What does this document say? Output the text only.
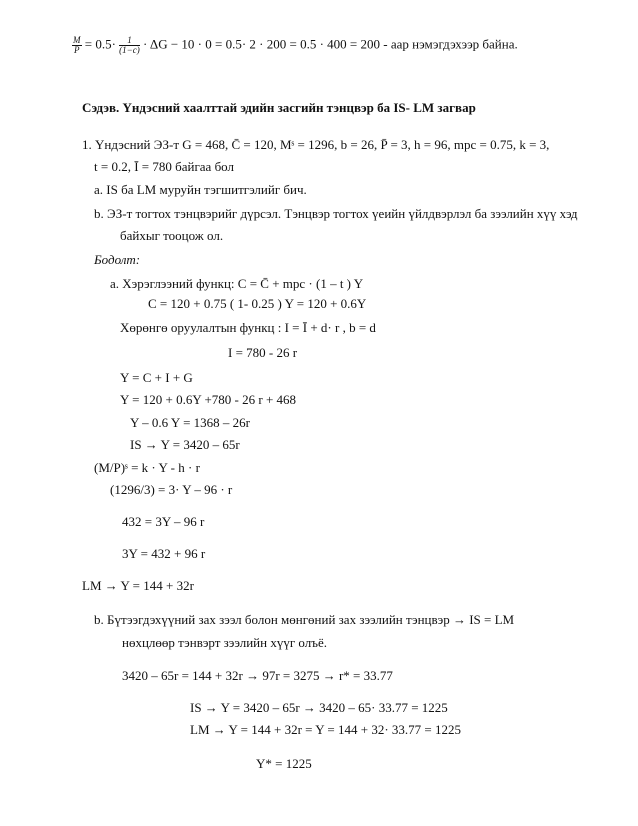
$\frac{M}{P} = 0.5\cdot \frac{1}{(1-c)} \cdot \Delta G - 10 \cdot 0 = 0.5\cdot 2 \cdot 200 = 0.5 \cdot 400 = 200$ - аар нэмэгдэхээр байна.
Сэдэв. Үндэсний хаалттай эдийн засгийн тэнцвэр ба IS- LM загвар
1. Үндэсний ЭЗ-т G = 468, C̄ = 120, Mˢ = 1296, b = 26, P̄ = 3, h = 96, mpc = 0.75, k = 3,
t = 0.2, Ī = 780 байгаа бол
a. IS ба LM муруйн тэгшитгэлийг бич.
b. ЭЗ-т тогтох тэнцвэрийг дүрсэл. Тэнцвэр тогтох үеийн үйлдвэрлэл ба зээлийн хүү хэд
байхыг тооцож ол.
Бодолт:
a. Хэрэглээний функц: C = C̄ + mpc · (1 – t ) Y
C = 120 + 0.75 ( 1- 0.25 ) Y = 120 + 0.6Y
Хөрөнгө оруулалтын функц : I = Ī + d· r , b = d
I = 780 - 26 r
Y = C + I + G
Y = 120 + 0.6Y +780 - 26 r + 468
Y – 0.6 Y = 1368 – 26r
IS → Y = 3420 – 65r
(M/P)ˢ = k · Y - h · r
(1296/3) = 3· Y – 96 · r
432 = 3Y – 96 r
3Y = 432 + 96 r
LM → Y = 144 + 32r
b. Бүтээгдэхүүний зах зээл болон мөнгөний зах зээлийн тэнцвэр → IS = LM
нөхцлөөр тэнвэрт зээлийн хүүг олъё.
3420 – 65r = 144 + 32r → 97r = 3275 → r* = 33.77
IS → Y = 3420 – 65r → 3420 – 65· 33.77 = 1225
LM → Y = 144 + 32r = Y = 144 + 32· 33.77 = 1225
Y* = 1225
